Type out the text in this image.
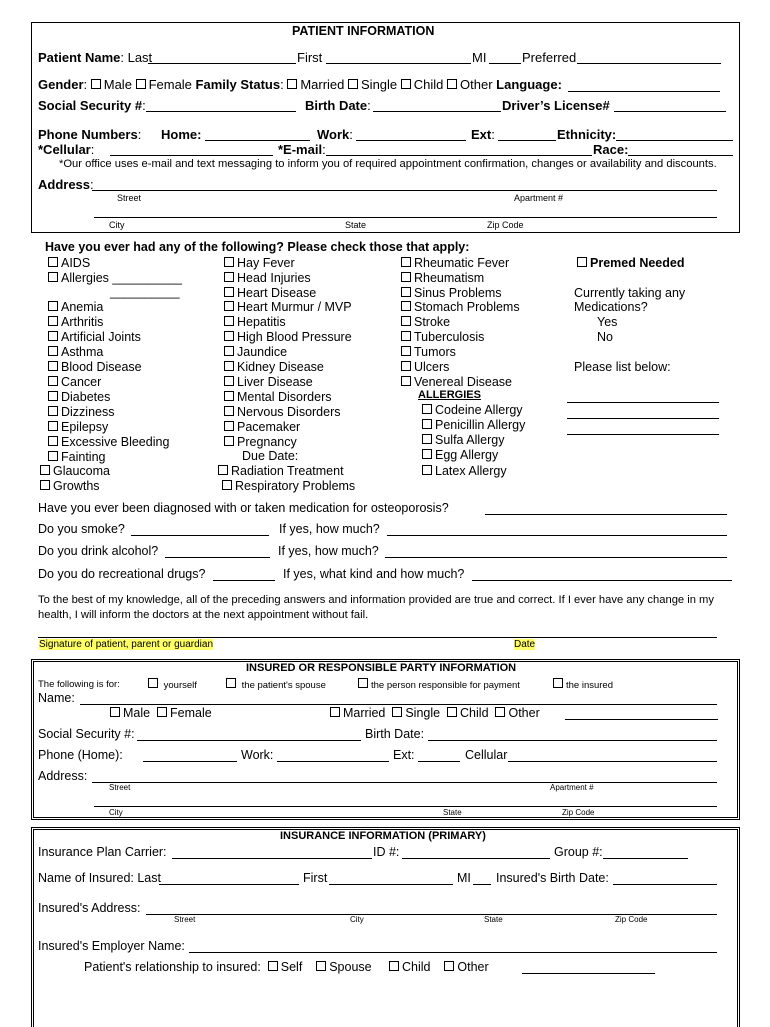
PATIENT INFORMATION
Patient Name: Last	First	MI	Preferred
Gender: Male Female Family Status: Married Single Child Other Language:
Social Security #:	Birth Date:	Driver’s License#
Phone Numbers: Home:	Work:	Ext:	Ethnicity:
*Cellular:	*E-mail:	Race:
*Our office uses e-mail and text messaging to inform you of required appointment confirmation, changes or availability and discounts.
Address:
Street	Apartment #
City	State	Zip Code
Have you ever had any of the following? Please check those that apply:
AIDS
Allergies __________
Anemia
Arthritis
Artificial Joints
Asthma
Blood Disease
Cancer
Diabetes
Dizziness
Epilepsy
Excessive Bleeding
Fainting
Glaucoma
Growths
Hay Fever
Head Injuries
Heart Disease
Heart Murmur / MVP
Hepatitis
High Blood Pressure
Jaundice
Kidney Disease
Liver Disease
Mental Disorders
Nervous Disorders
Pacemaker
Pregnancy
Radiation Treatment
Respiratory Problems
Rheumatic Fever
Rheumatism
Sinus Problems
Stomach Problems
Stroke
Tuberculosis
Tumors
Ulcers
Venereal Disease
__________
Due Date:
ALLERGIES
Codeine Allergy
Penicillin Allergy
Sulfa Allergy
Egg Allergy
Latex Allergy
Premed Needed
Currently taking any
Medications?
Yes
No
Please list below:
Have you ever been diagnosed with or taken medication for osteoporosis?
Do you smoke?	If yes, how much?
Do you drink alcohol?	If yes, how much?
Do you do recreational drugs?	If yes, what kind and how much?
To the best of my knowledge, all of the preceding answers and information provided are true and correct. If I ever have any change in my health, I will inform the doctors at the next appointment without fail.
Signature of patient, parent or guardian	Date
INSURED OR RESPONSIBLE PARTY INFORMATION
The following is for:	yourself	the patient's spouse	the person responsible for payment	the insured
Name:
Male Female	Married Single Child Other
Social Security #:	Birth Date:
Phone (Home):	Work:	Ext:	Cellular
Address:
Street	Apartment #
City	State	Zip Code
INSURANCE INFORMATION (PRIMARY)
Insurance Plan Carrier:	ID #:	Group #:
Name of Insured: Last	First	MI Insured's Birth Date:
Insured's Address:
Street	City	State	Zip Code
Insured's Employer Name:
Patient's relationship to insured: Self Spouse Child Other
